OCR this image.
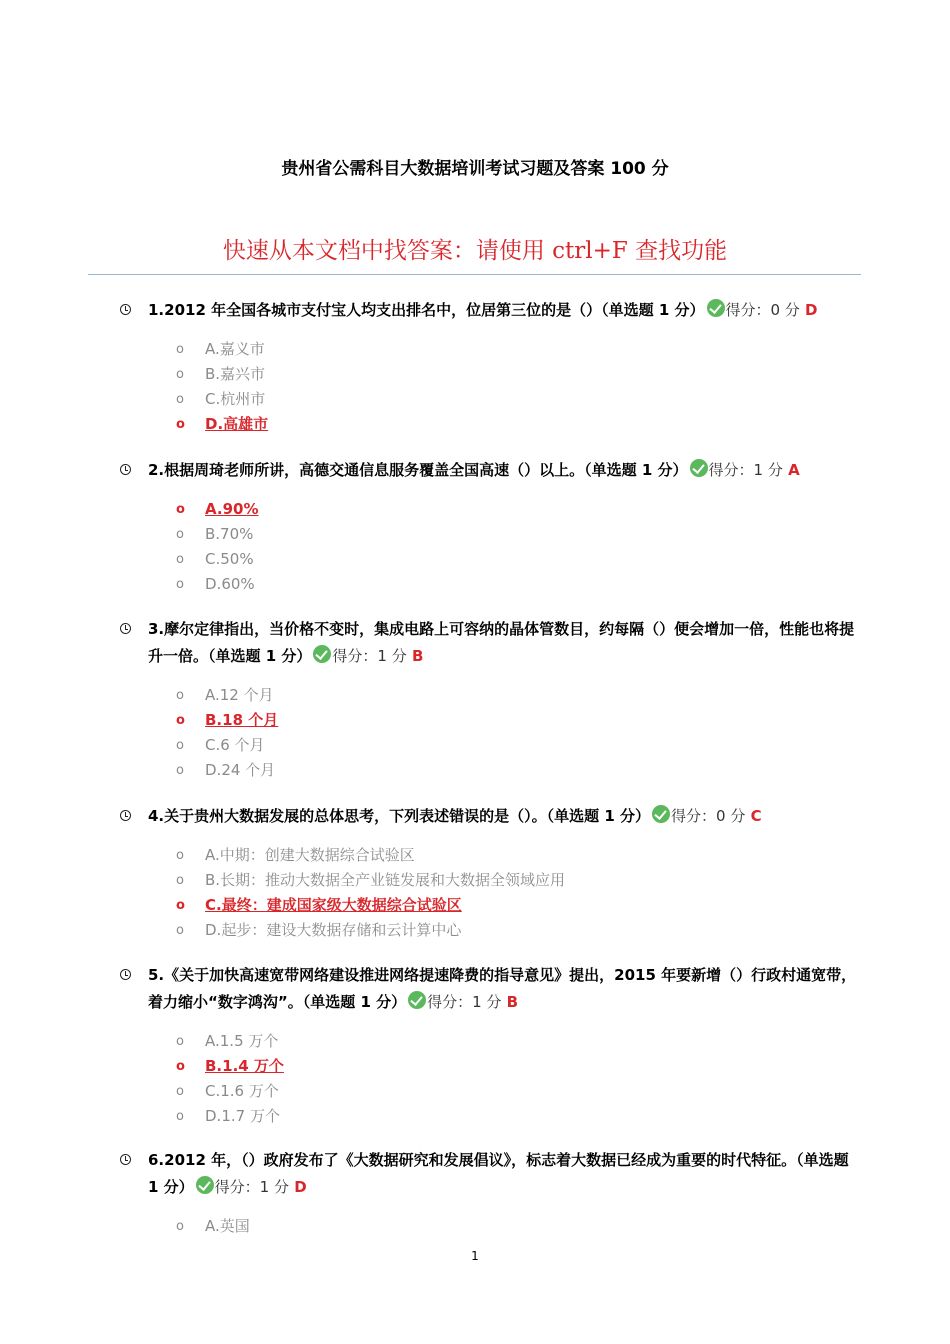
贵州省公需科目大数据培训考试习题及答案 100 分
快速从本文档中找答案：请使用 ctrl+F 查找功能
1.2012 年全国各城市支付宝人均支出排名中，位居第三位的是（）（单选题 1 分） 得分：0 分 D
o A.嘉义市
o B.嘉兴市
o C.杭州市
o D.高雄市
2.根据周琦老师所讲，高德交通信息服务覆盖全国高速（）以上。（单选题 1 分） 得分：1 分 A
o A.90%
o B.70%
o C.50%
o D.60%
3.摩尔定律指出，当价格不变时，集成电路上可容纳的晶体管数目，约每隔（）便会增加一倍，性能也将提升一倍。（单选题 1 分） 得分：1 分 B
o A.12 个月
o B.18 个月
o C.6 个月
o D.24 个月
4.关于贵州大数据发展的总体思考，下列表述错误的是（）。（单选题 1 分） 得分：0 分 C
o A.中期：创建大数据综合试验区
o B.长期：推动大数据全产业链发展和大数据全领域应用
o C.最终：建成国家级大数据综合试验区
o D.起步：建设大数据存储和云计算中心
5.《关于加快高速宽带网络建设推进网络提速降费的指导意见》提出，2015 年要新增（）行政村通宽带，着力缩小“数字鸿沟”。（单选题 1 分） 得分：1 分 B
o A.1.5 万个
o B.1.4 万个
o C.1.6 万个
o D.1.7 万个
6.2012 年，（）政府发布了《大数据研究和发展倡议》，标志着大数据已经成为重要的时代特征。（单选题 1 分） 得分：1 分 D
o A.英国
1
